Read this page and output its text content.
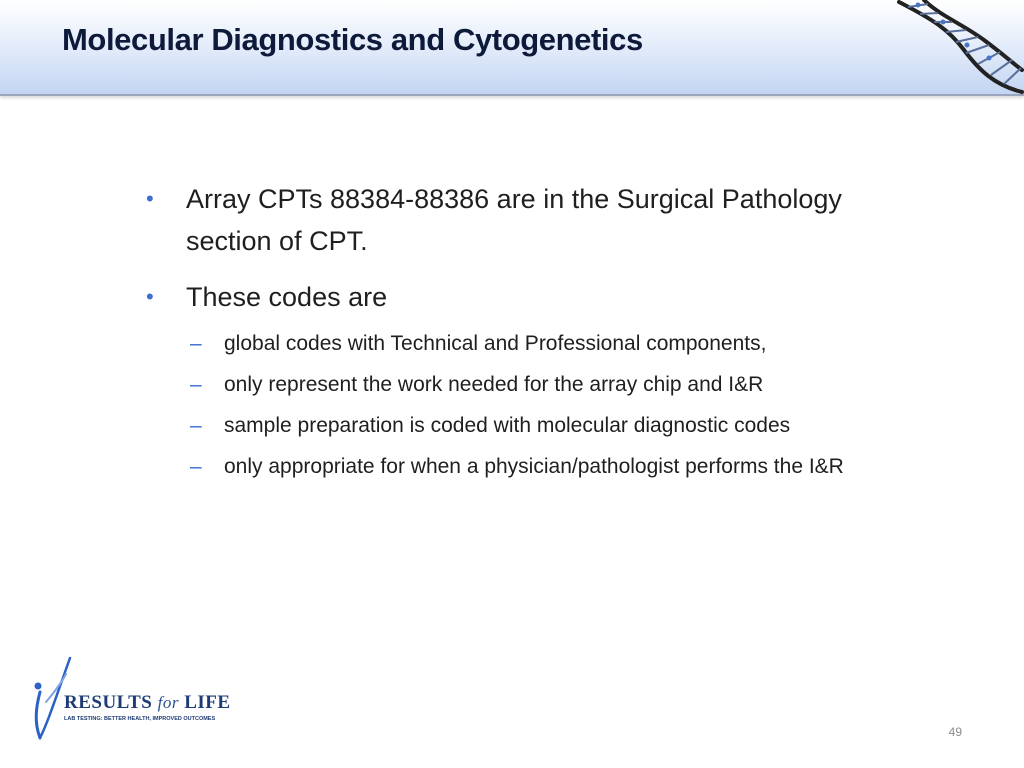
Molecular Diagnostics and Cytogenetics
• Array CPTs 88384-88386 are in the Surgical Pathology section of CPT.
• These codes are
– global codes with Technical and Professional components,
– only represent the work needed for the array chip and I&R
– sample preparation is coded with molecular diagnostic codes
– only appropriate for when a physician/pathologist performs the I&R
RESULTS for LIFE
LAB TESTING: BETTER HEALTH, IMPROVED OUTCOMES
49
